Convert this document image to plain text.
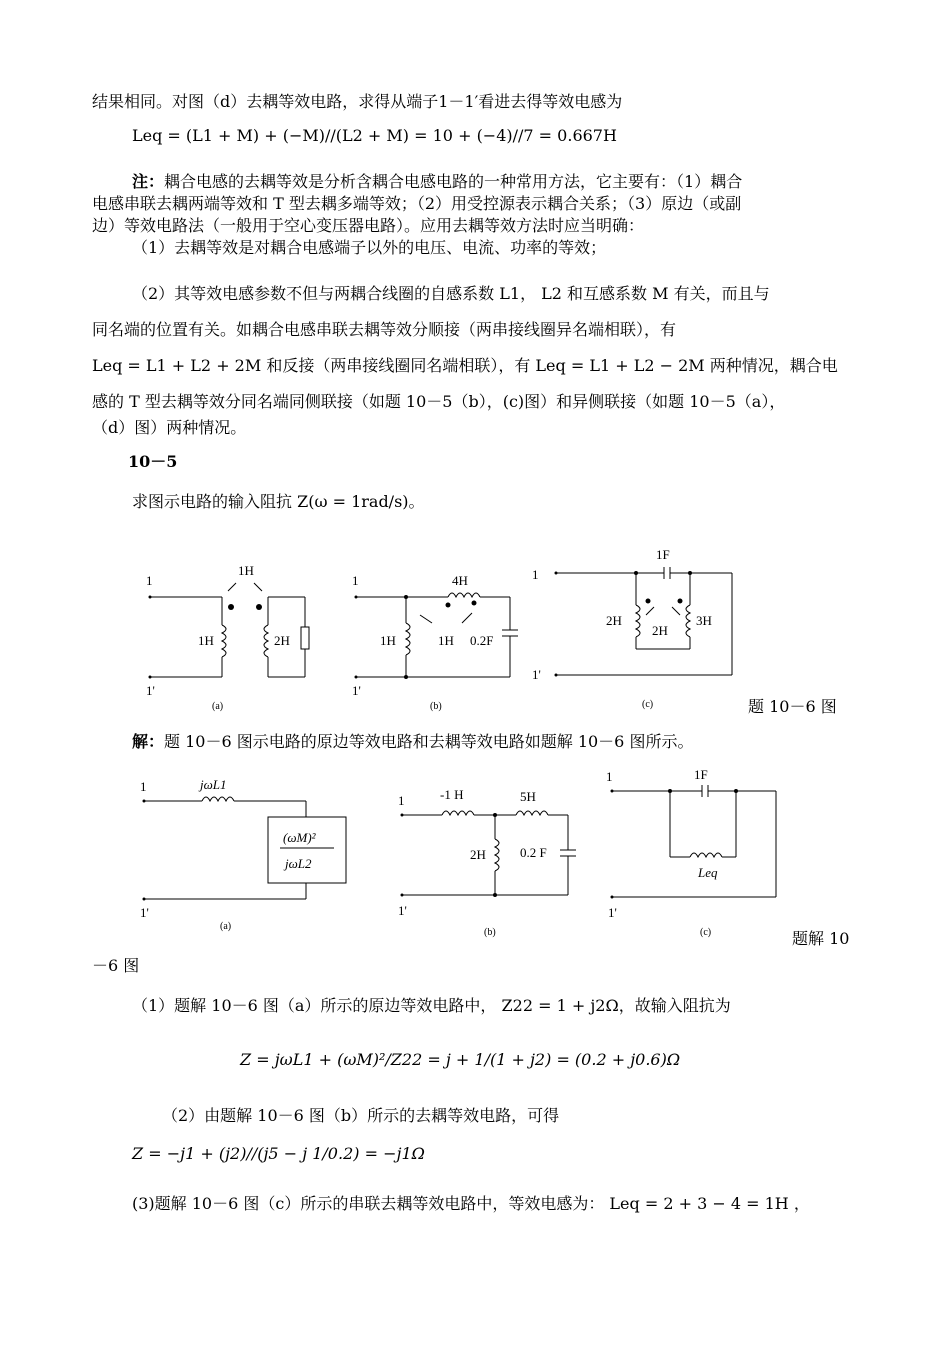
结果相同。对图（d）去耦等效电路，求得从端子1－1′看进去得等效电感为
Leq = (L1 + M) + (−M)//(L2 + M) = 10 + (−4)//7 = 0.667H
注：耦合电感的去耦等效是分析含耦合电感电路的一种常用方法，它主要有：（1）耦合
电感串联去耦两端等效和 T 型去耦多端等效；（2）用受控源表示耦合关系；（3）原边（或副
边）等效电路法（一般用于空心变压器电路）。应用去耦等效方法时应当明确：
（1）去耦等效是对耦合电感端子以外的电压、电流、功率的等效；
（2）其等效电感参数不但与两耦合线圈的自感系数 L1， L2 和互感系数 M 有关，而且与
同名端的位置有关。如耦合电感串联去耦等效分顺接（两串接线圈异名端相联），有
Leq = L1 + L2 + 2M 和反接（两串接线圈同名端相联），有 Leq = L1 + L2 − 2M 两种情况，耦合电
感的 T 型去耦等效分同名端同侧联接（如题 10－5（b），(c)图）和异侧联接（如题 10－5（a），
（d）图）两种情况。
10－5
求图示电路的输入阻抗 Z(ω = 1rad/s)。
1
1'
1H
1H	2H
(a)
1
1'
4H
1H	1H 0.2F
(b)
1
1'
1F
2H	3H
2H
(c)	题 10－6 图
解：题 10－6 图示电路的原边等效电路和去耦等效电路如题解 10－6 图所示。
1
1'
jωL1
(ωM)²
jωL2
(a)
1
1'
-1 H	5H
2H	0.2 F
(b)
1
1'
1F
Leq
(c)	题解 10
－6 图
（1）题解 10－6 图（a）所示的原边等效电路中， Z22 = 1 + j2Ω，故输入阻抗为
Z = jωL1 + (ωM)²/Z22 = j + 1/(1 + j2) = (0.2 + j0.6)Ω
（2）由题解 10－6 图（b）所示的去耦等效电路，可得
Z = −j1 + (j2)//(j5 − j 1/0.2) = −j1Ω
(3)题解 10－6 图（c）所示的串联去耦等效电路中，等效电感为： Leq = 2 + 3 − 4 = 1H ，
